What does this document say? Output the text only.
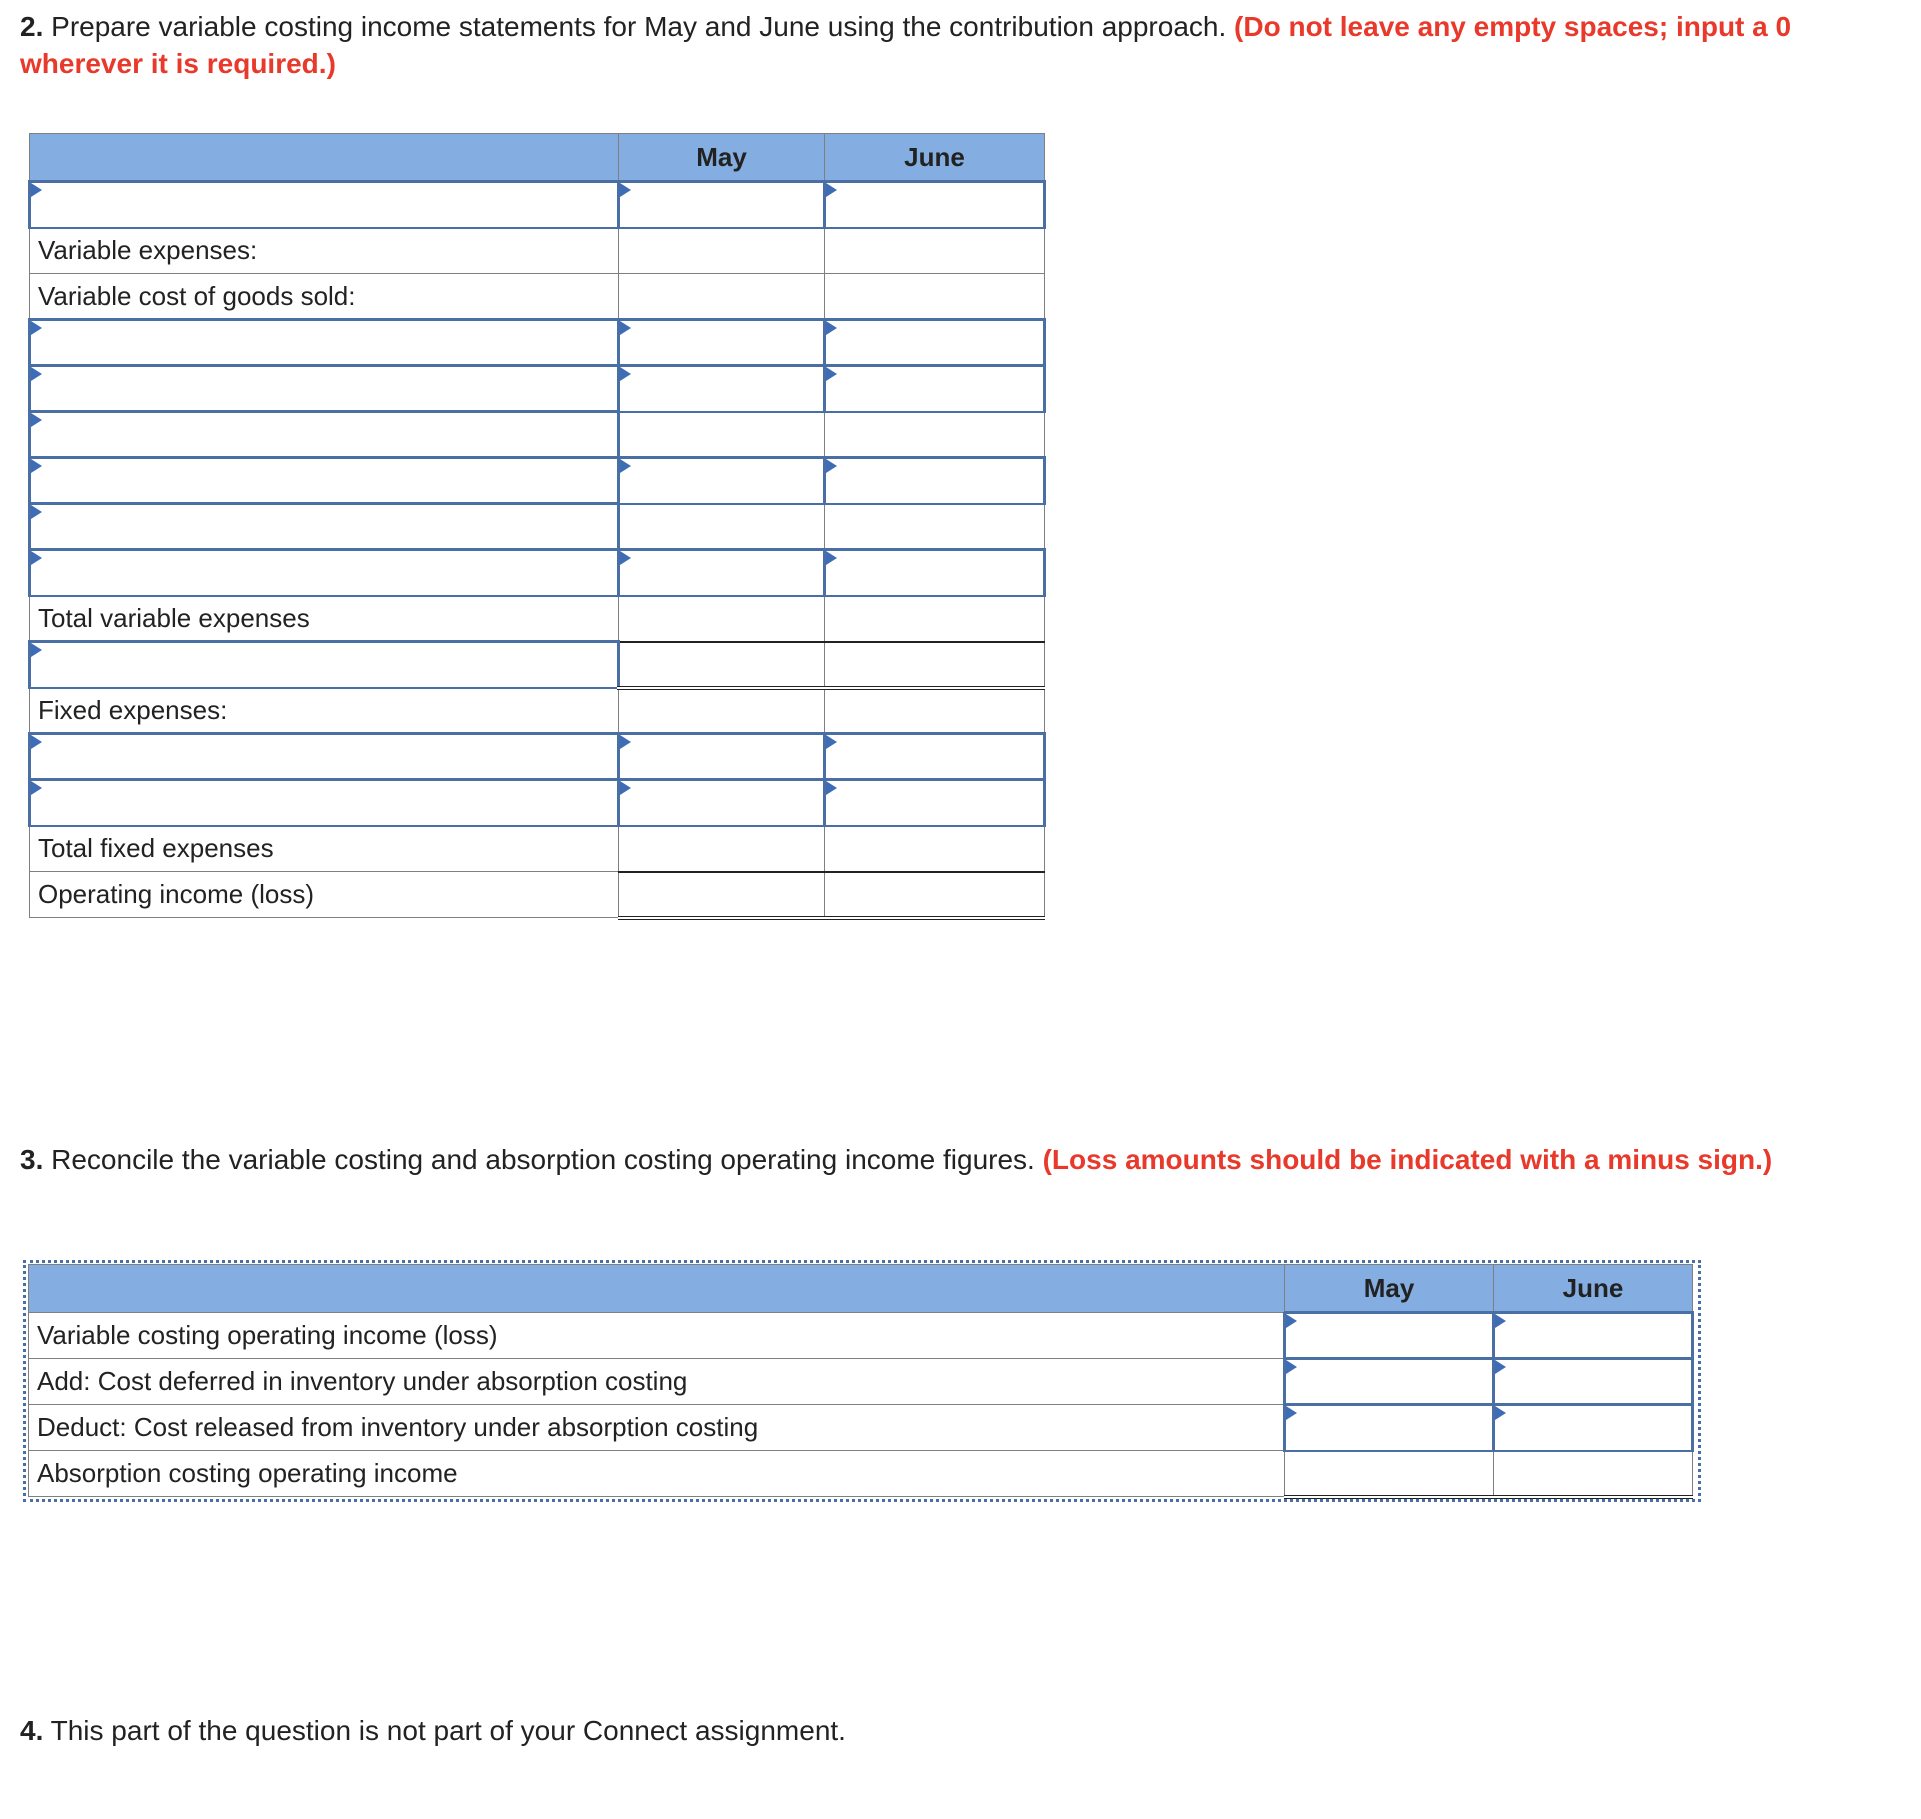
2. Prepare variable costing income statements for May and June using the contribution approach. (Do not leave any empty spaces; input a 0 wherever it is required.)
	May	June

Variable expenses:		
Variable cost of goods sold:		

Total variable expenses		

Fixed expenses:		

Total fixed expenses		
Operating income (loss)		
3. Reconcile the variable costing and absorption costing operating income figures. (Loss amounts should be indicated with a minus sign.)
	May	June
Variable costing operating income (loss)		
Add: Cost deferred in inventory under absorption costing		
Deduct: Cost released from inventory under absorption costing		
Absorption costing operating income		
4. This part of the question is not part of your Connect assignment.
